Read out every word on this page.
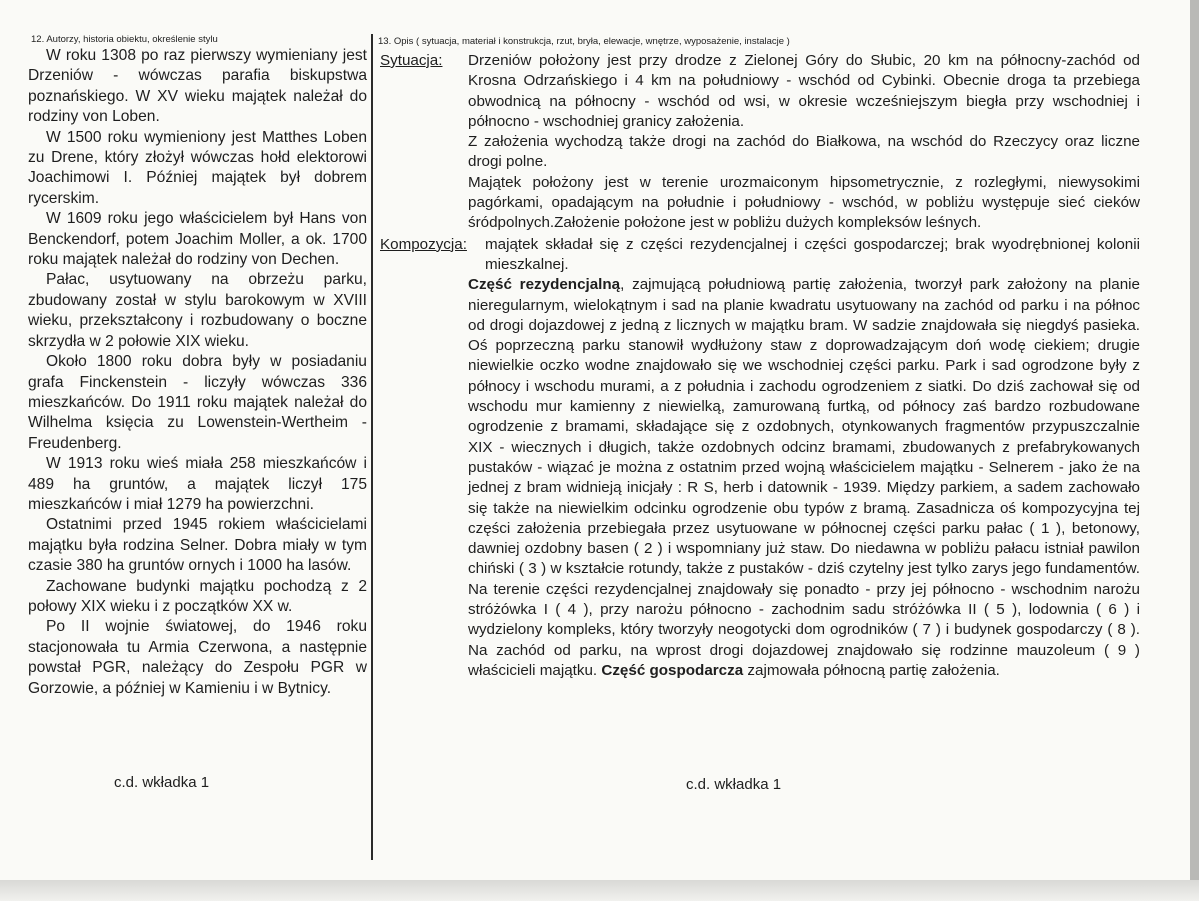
12. Autorzy, historia obiektu, określenie stylu	13. Opis ( sytuacja, materiał i konstrukcja, rzut, bryła, elewacje, wnętrze, wyposażenie, instalacje )

W roku 1308 po raz pierwszy wymieniany jest Drzeniów - wówczas parafia biskupstwa poznańskiego. W XV wieku majątek należał do rodziny von Loben.

W 1500 roku wymieniony jest Matthes Loben zu Drene, który złożył wówczas hołd elektorowi Joachimowi I. Później majątek był dobrem rycerskim.

W 1609 roku jego właścicielem był Hans von Benckendorf, potem Joachim Moller, a ok. 1700 roku majątek należał do rodziny von Dechen.

Pałac, usytuowany na obrzeżu parku, zbudowany został w stylu barokowym w XVIII wieku, przekształcony i rozbudowany o boczne skrzydła w 2 połowie XIX wieku.

Około 1800 roku dobra były w posiadaniu grafa Finckenstein - liczyły wówczas 336 mieszkańców. Do 1911 roku majątek należał do Wilhelma księcia zu Lowenstein-Wertheim - Freudenberg.

W 1913 roku wieś miała 258 mieszkańców i 489 ha gruntów, a majątek liczył 175 mieszkańców i miał 1279 ha powierzchni.

Ostatnimi przed 1945 rokiem właścicielami majątku była rodzina Selner. Dobra miały w tym czasie 380 ha gruntów ornych i 1000 ha lasów.

Zachowane budynki majątku pochodzą z 2 połowy XIX wieku i z początków XX w.

Po II wojnie światowej, do 1946 roku stacjonowała tu Armia Czerwona, a następnie powstał PGR, należący do Zespołu PGR w Gorzowie, a później w Kamieniu i w Bytnicy.

Sytuacja:	Drzeniów położony jest przy drodze z Zielonej Góry do Słubic, 20 km na północny-zachód od Krosna Odrzańskiego i 4 km na południowy - wschód od Cybinki. Obecnie droga ta przebiega obwodnicą na północny - wschód od wsi, w okresie wcześniejszym biegła przy wschodniej i północno - wschodniej granicy założenia.

Z założenia wychodzą także drogi na zachód do Białkowa, na wschód do Rzeczycy oraz liczne drogi polne.

Majątek położony jest w terenie urozmaiconym hipsometrycznie, z rozległymi, niewysokimi pagórkami, opadającym na południe i południowy - wschód, w pobliżu występuje sieć cieków śródpolnych.Założenie położone jest w pobliżu dużych kompleksów leśnych.

Kompozycja:	majątek składał się z części rezydencjalnej i części gospodarczej; brak wyodrębnionej kolonii mieszkalnej.

Część rezydencjalną, zajmującą południową partię założenia, tworzył park założony na planie nieregularnym, wielokątnym i sad na planie kwadratu usytuowany na zachód od parku i na północ od drogi dojazdowej z jedną z licznych w majątku bram. W sadzie znajdowała się niegdyś pasieka. Oś poprzeczną parku stanowił wydłużony staw z doprowadzającym doń wodę ciekiem; drugie niewielkie oczko wodne znajdowało się we wschodniej części parku. Park i sad ogrodzone były z północy i wschodu murami, a z południa i zachodu ogrodzeniem z siatki. Do dziś zachował się od wschodu mur kamienny z niewielką, zamurowaną furtką, od północy zaś bardzo rozbudowane ogrodzenie z bramami, składające się z ozdobnych, otynkowanych fragmentów przypuszczalnie XIX - wiecznych i długich, także ozdobnych odcinz bramami, zbudowanych z prefabrykowanych pustaków - wiązać je można z ostatnim przed wojną właścicielem majątku - Selnerem - jako że na jednej z bram widnieją inicjały : R S, herb i datownik - 1939. Między parkiem, a sadem zachowało się także na niewielkim odcinku ogrodzenie obu typów z bramą. Zasadnicza oś kompozycyjna tej części założenia przebiegała przez usytuowane w północnej części parku pałac ( 1 ), betonowy, dawniej ozdobny basen ( 2 ) i wspomniany już staw. Do niedawna w pobliżu pałacu istniał pawilon chiński ( 3 ) w kształcie rotundy, także z pustaków - dziś czytelny jest tylko zarys jego fundamentów. Na terenie części rezydencjalnej znajdowały się ponadto - przy jej północno - wschodnim narożu stróżówka I ( 4 ), przy narożu północno - zachodnim sadu stróżówka II ( 5 ), lodownia ( 6 ) i wydzielony kompleks, który tworzyły neogotycki dom ogrodników ( 7 ) i budynek gospodarczy ( 8 ). Na zachód od parku, na wprost drogi dojazdowej znajdowało się rodzinne mauzoleum ( 9 ) właścicieli majątku. Część gospodarcza zajmowała północną partię założenia.
c.d. wkładka 1	c.d. wkładka 1
